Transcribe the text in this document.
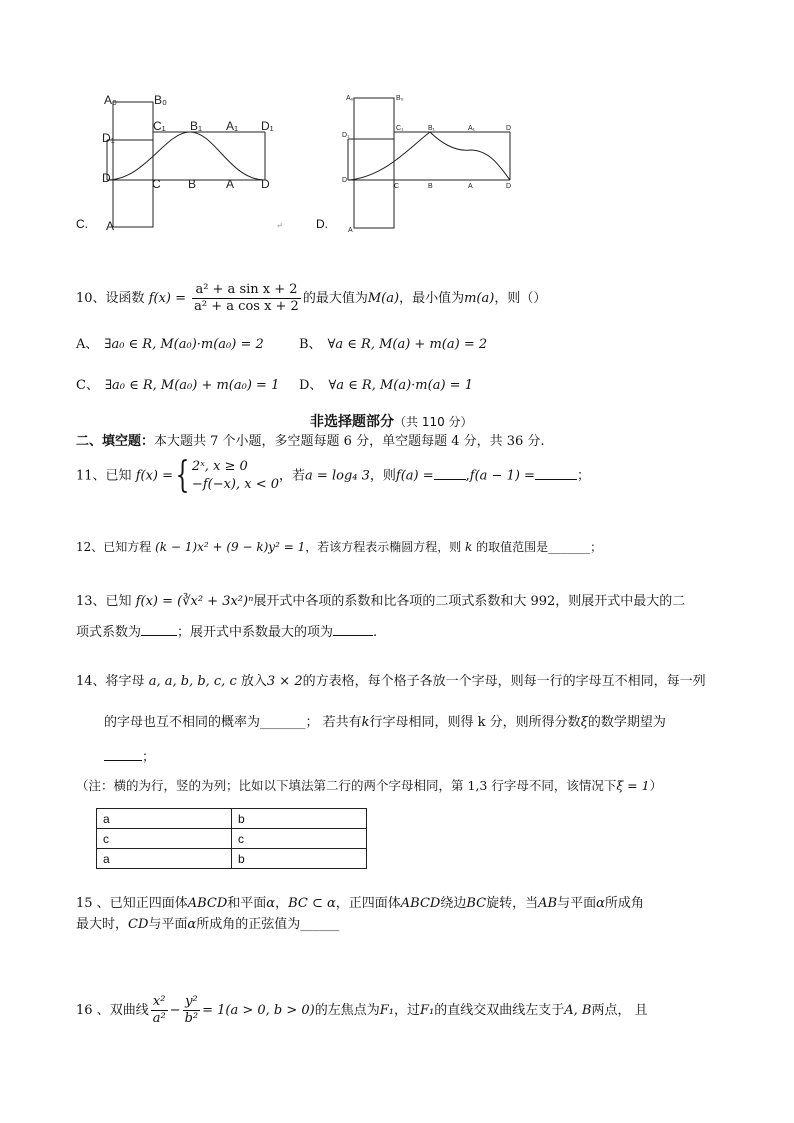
A₀	B₀
C₁ B₁ A₁ D₁
D₁
D	C B A D
A
C.	↵
A₀	B₀
C₁	B₁	A₁	D
D₁
D
C	B	A	D
A
D.
10、设函数 $f(x) = \frac{\text{a² + a sin x + 2}}{\text{a² + a cos x + 2}}$ 的最大值为M(a)，最小值为m(a)，则（）
A、 ∃a₀ ∈ R, M(a₀)·m(a₀) = 2	B、 ∀a ∈ R, M(a) + m(a) = 2
C、 ∃a₀ ∈ R, M(a₀) + m(a₀) = 1 D、 ∀a ∈ R, M(a)·m(a) = 1
非选择题部分（共 110 分）
二、填空题：本大题共 7 个小题，多空题每题 6 分，单空题每题 4 分，共 36 分.
11、已知 f(x) ={ 2ˣ, x ≥ 0
−f(−x), x < 0
，若a = log₄ 3，则f(a) = ,f(a − 1) =	；
12、已知方程 (k − 1)x² + (9 − k)y² = 1，若该方程表示椭圆方程，则 k 的取值范围是_______；
13、已知 f(x) = (∛x² + 3x²)ⁿ展开式中各项的系数和比各项的二项式系数和大 992，则展开式中最大的二
项式系数为	；展开式中系数最大的项为	.
14、将字母 a, a, b, b, c, c 放入3 × 2的方表格，每个格子各放一个字母，则每一行的字母互不相同，每一列
的字母也互不相同的概率为_______； 若共有k行字母相同，则得 k 分，则所得分数ξ的数学期望为
；
（注：横的为行，竖的为列；比如以下填法第二行的两个字母相同，第 1,3 行字母不同，该情况下ξ = 1）
a	b
c	c
a	b
15 、已知正四面体ABCD和平面α，BC ⊂ α，正四面体ABCD绕边BC旋转，当AB与平面α所成角
最大时，CD与平面α所成角的正弦值为______
16 、双曲线 $\frac{\text{x²}}{\text{a²}} - \frac{\text{y²}}{\text{b²}} = 1(a > 0$, b > 0)的左焦点为F₁，过F₁的直线交双曲线左支于A, B两点， 且
